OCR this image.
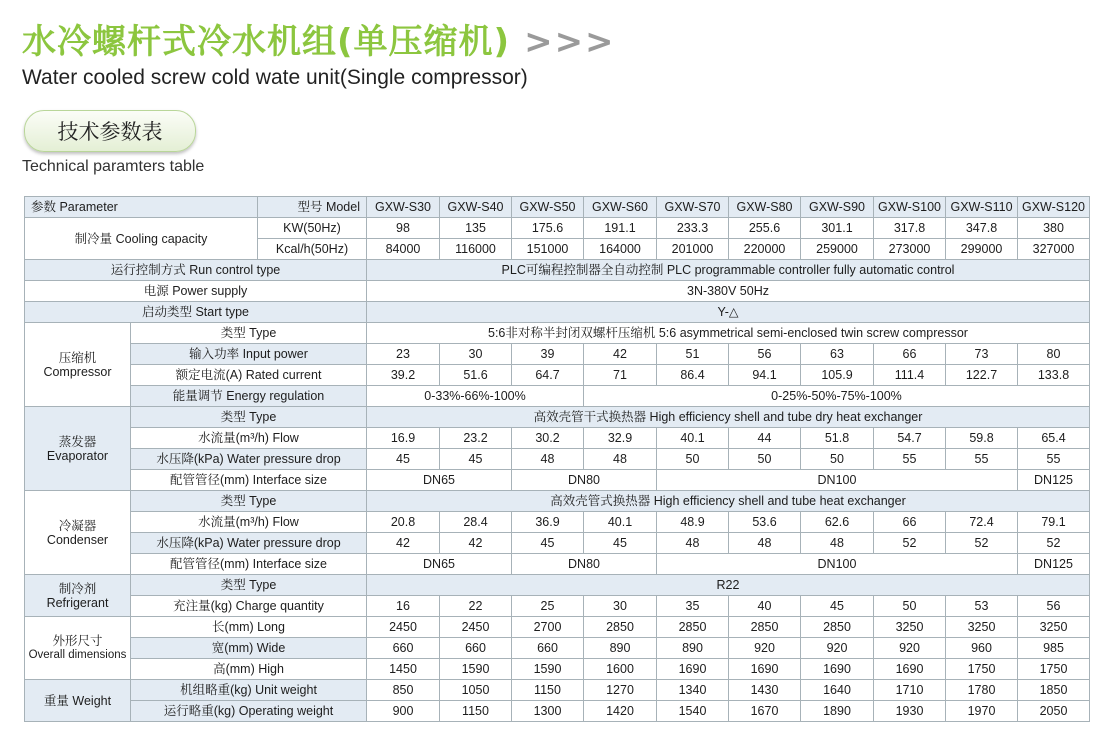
水冷螺杆式冷水机组(单压缩机) >>>
Water cooled screw cold wate unit(Single compressor)
技术参数表
Technical paramters table
参数 Parameter		型号 Model	GXW-S30	GXW-S40	GXW-S50	GXW-S60	GXW-S70	GXW-S80	GXW-S90	GXW-S100	GXW-S110	GXW-S120
制冷量 Cooling capacity		KW(50Hz)	98	135	175.6	191.1	233.3	255.6	301.1	317.8	347.8	380
		Kcal/h(50Hz)	84000	116000	151000	164000	201000	220000	259000	273000	299000	327000
运行控制方式 Run control type			PLC可编程控制器全自动控制 PLC programmable controller fully automatic control									
电源 Power supply			3N-380V 50Hz									
启动类型 Start type			Y-△									

压缩机
Compressor	类型 Type		5:6非对称半封闭双螺杆压缩机 5:6 asymmetrical semi-enclosed twin screw compressor									
	输入功率 Input power		23	30	39	42	51	56	63	66	73	80
	额定电流(A) Rated current		39.2	51.6	64.7	71	86.4	94.1	105.9	111.4	122.7	133.8
	能量调节 Energy regulation		0-33%-66%-100%			0-25%-50%-75%-100%						

蒸发器
Evaporator	类型 Type		高效壳管干式换热器 High efficiency shell and tube dry heat exchanger									
	水流量(m³/h) Flow		16.9	23.2	30.2	32.9	40.1	44	51.8	54.7	59.8	65.4
	水压降(kPa) Water pressure drop		45	45	48	48	50	50	50	55	55	55
	配管管径(mm) Interface size		DN65		DN80		DN100					DN125

冷凝器
Condenser	类型 Type		高效壳管式换热器 High efficiency shell and tube heat exchanger									
	水流量(m³/h) Flow		20.8	28.4	36.9	40.1	48.9	53.6	62.6	66	72.4	79.1
	水压降(kPa) Water pressure drop		42	42	45	45	48	48	48	52	52	52
	配管管径(mm) Interface size		DN65		DN80		DN100					DN125

制冷剂
Refrigerant	类型 Type		R22									
	充注量(kg) Charge quantity		16	22	25	30	35	40	45	50	53	56

外形尺寸
Overall dimensions	长(mm) Long		2450	2450	2700	2850	2850	2850	2850	3250	3250	3250
	宽(mm) Wide		660	660	660	890	890	920	920	920	960	985
	高(mm) High		1450	1590	1590	1600	1690	1690	1690	1690	1750	1750
重量 Weight	机组略重(kg) Unit weight		850	1050	1150	1270	1340	1430	1640	1710	1780	1850
	运行略重(kg) Operating weight		900	1150	1300	1420	1540	1670	1890	1930	1970	2050
